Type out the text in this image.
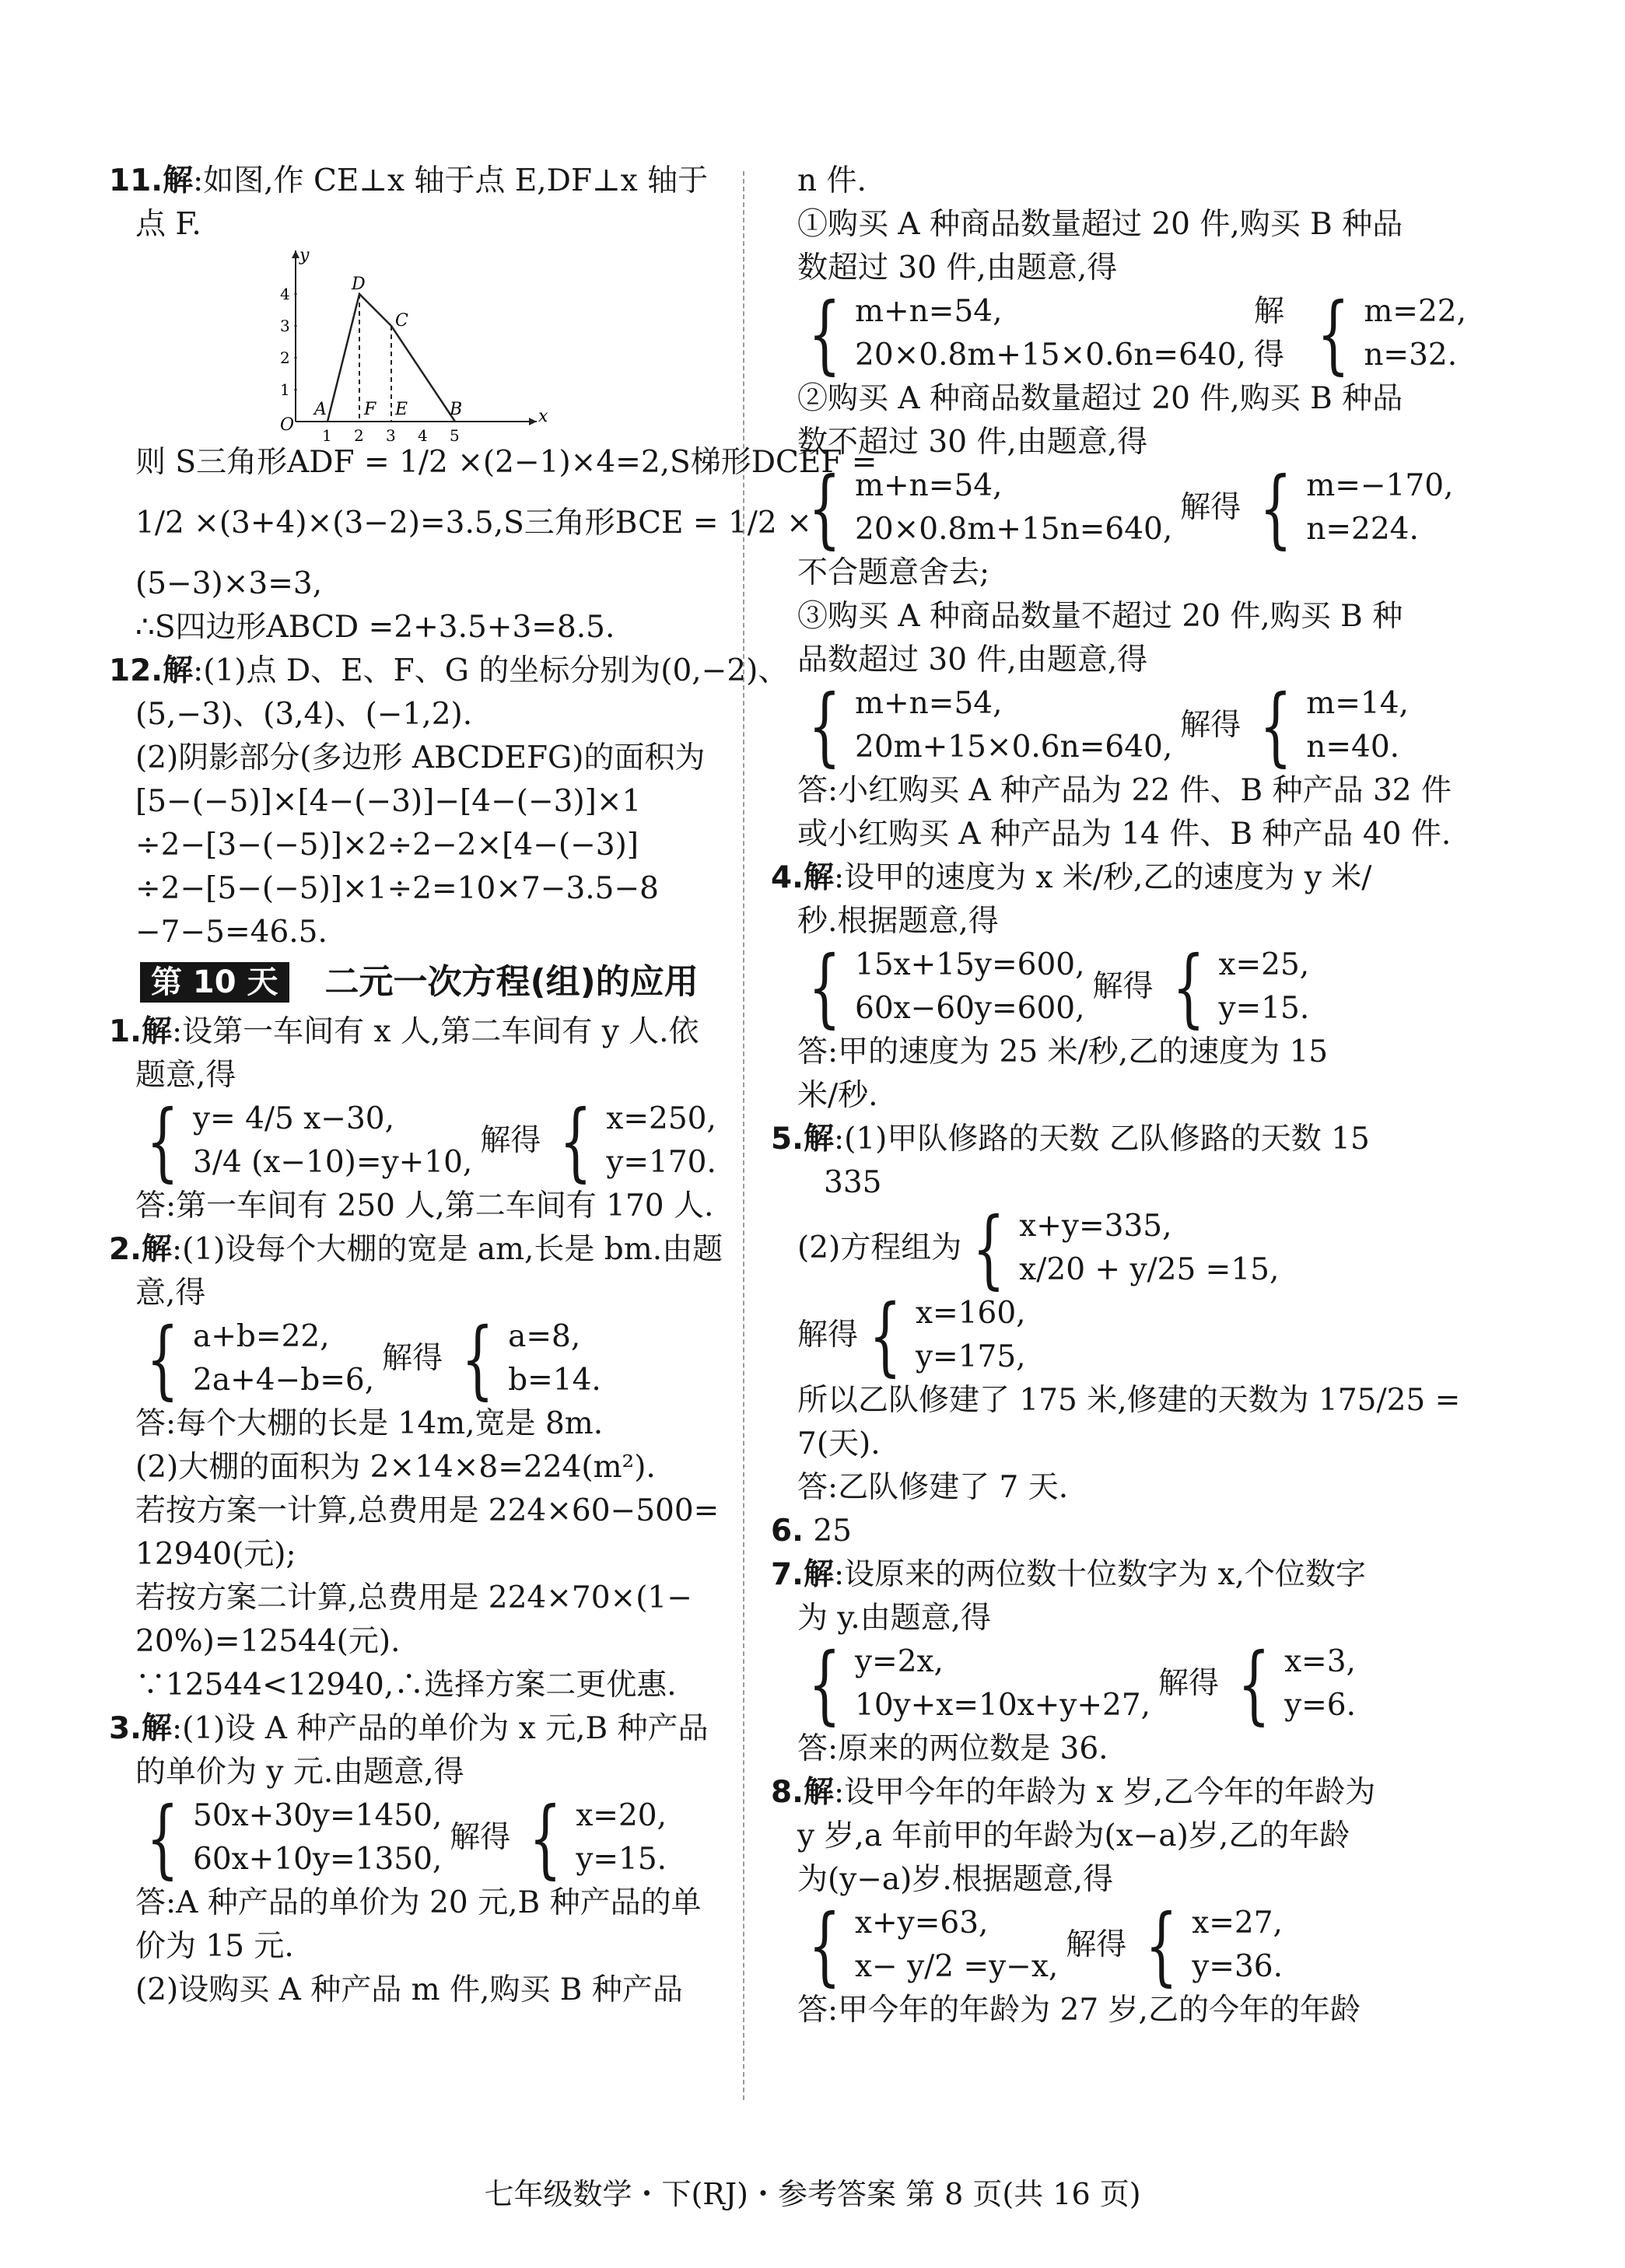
11.解:如图,作 CE⊥x 轴于点 E,DF⊥x 轴于
点 F.
x
y
O
1 2 3 4 5
1
2
3
4
A
D
C
B
F E
则 S三角形ADF = 1/2 ×(2−1)×4=2,S梯形DCEF =
1/2 ×(3+4)×(3−2)=3.5,S三角形BCE = 1/2 ×
(5−3)×3=3,
∴S四边形ABCD =2+3.5+3=8.5.
12.解:(1)点 D、E、F、G 的坐标分别为(0,−2)、
(5,−3)、(3,4)、(−1,2).
(2)阴影部分(多边形 ABCDEFG)的面积为
[5−(−5)]×[4−(−3)]−[4−(−3)]×1
÷2−[3−(−5)]×2÷2−2×[4−(−3)]
÷2−[5−(−5)]×1÷2=10×7−3.5−8
−7−5=46.5.
第 10 天	二元一次方程(组)的应用
1.解:设第一车间有 x 人,第二车间有 y 人.依
题意,得
{ y= 4/5 x−30,
3/4 (x−10)=y+10,
解得 { x=250,
y=170.
答:第一车间有 250 人,第二车间有 170 人.
2.解:(1)设每个大棚的宽是 am,长是 bm.由题
意,得
{ a+b=22,
2a+4−b=6,
解得 { a=8,
b=14.
答:每个大棚的长是 14m,宽是 8m.
(2)大棚的面积为 2×14×8=224(m²).
若按方案一计算,总费用是 224×60−500=
12940(元);
若按方案二计算,总费用是 224×70×(1−
20%)=12544(元).
∵12544<12940,∴选择方案二更优惠.
3.解:(1)设 A 种产品的单价为 x 元,B 种产品
的单价为 y 元.由题意,得
{ 50x+30y=1450,
60x+10y=1350,
解得 { x=20,
y=15.
答:A 种产品的单价为 20 元,B 种产品的单
价为 15 元.
(2)设购买 A 种产品 m 件,购买 B 种产品
n 件.
①购买 A 种商品数量超过 20 件,购买 B 种品
数超过 30 件,由题意,得
{ m+n=54,
20×0.8m+15×0.6n=640,
解得 { m=22,
n=32.
②购买 A 种商品数量超过 20 件,购买 B 种品
数不超过 30 件,由题意,得
{ m+n=54,
20×0.8m+15n=640,
解得 { m=−170,
n=224.
不合题意舍去;
③购买 A 种商品数量不超过 20 件,购买 B 种
品数超过 30 件,由题意,得
{ m+n=54,
20m+15×0.6n=640,
解得 { m=14,
n=40.
答:小红购买 A 种产品为 22 件、B 种产品 32 件
或小红购买 A 种产品为 14 件、B 种产品 40 件.
4.解:设甲的速度为 x 米/秒,乙的速度为 y 米/
秒.根据题意,得
{ 15x+15y=600,
60x−60y=600,
解得 { x=25,
y=15.
答:甲的速度为 25 米/秒,乙的速度为 15
米/秒.
5.解:(1)甲队修路的天数 乙队修路的天数 15
335
(2)方程组为 { x+y=335,
x/20 + y/25 =15,
解得 { x=160,
y=175,
所以乙队修建了 175 米,修建的天数为 175/25 =
7(天).
答:乙队修建了 7 天.
6. 25
7.解:设原来的两位数十位数字为 x,个位数字
为 y.由题意,得
{ y=2x,
10y+x=10x+y+27,
解得 { x=3,
y=6.
答:原来的两位数是 36.
8.解:设甲今年的年龄为 x 岁,乙今年的年龄为
y 岁,a 年前甲的年龄为(x−a)岁,乙的年龄
为(y−a)岁.根据题意,得
{ x+y=63,
x− y/2 =y−x,
解得 { x=27,
y=36.
答:甲今年的年龄为 27 岁,乙的今年的年龄
七年级数学・下(RJ)・参考答案 第 8 页(共 16 页)
